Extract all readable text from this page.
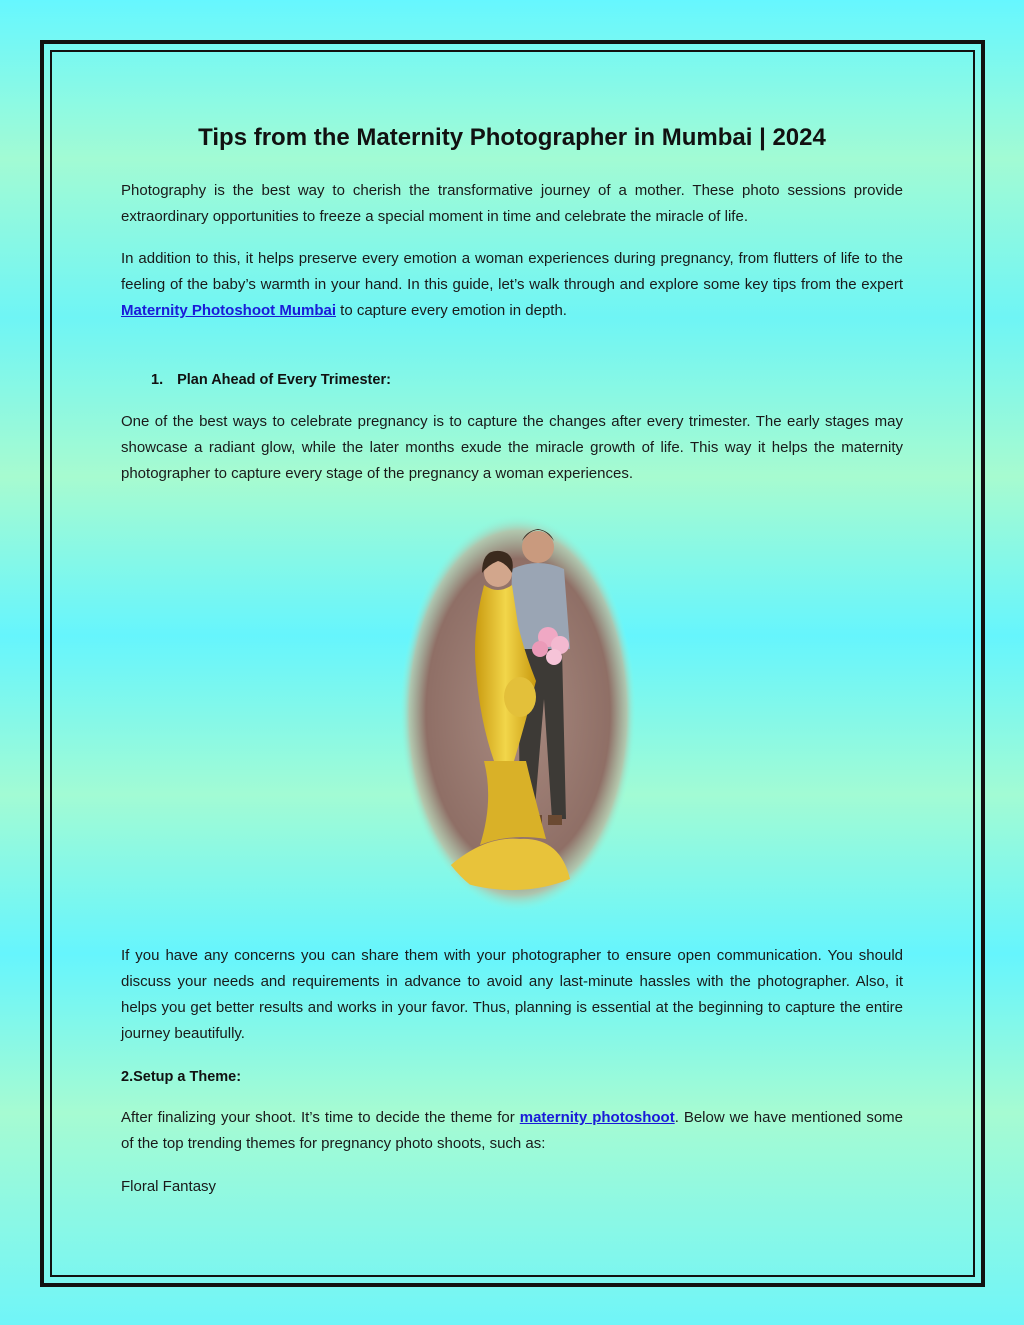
Tips from the Maternity Photographer in Mumbai | 2024

Photography is the best way to cherish the transformative journey of a mother. These photo sessions provide extraordinary opportunities to freeze a special moment in time and celebrate the miracle of life.

In addition to this, it helps preserve every emotion a woman experiences during pregnancy, from flutters of life to the feeling of the baby’s warmth in your hand. In this guide, let’s walk through and explore some key tips from the expert Maternity Photoshoot Mumbai to capture every emotion in depth.

1. Plan Ahead of Every Trimester:

One of the best ways to celebrate pregnancy is to capture the changes after every trimester. The early stages may showcase a radiant glow, while the later months exude the miracle growth of life. This way it helps the maternity photographer to capture every stage of the pregnancy a woman experiences.

If you have any concerns you can share them with your photographer to ensure open communication. You should discuss your needs and requirements in advance to avoid any last-minute hassles with the photographer. Also, it helps you get better results and works in your favor. Thus, planning is essential at the beginning to capture the entire journey beautifully.

2.Setup a Theme:

After finalizing your shoot. It’s time to decide the theme for maternity photoshoot. Below we have mentioned some of the top trending themes for pregnancy photo shoots, such as:

Floral Fantasy
